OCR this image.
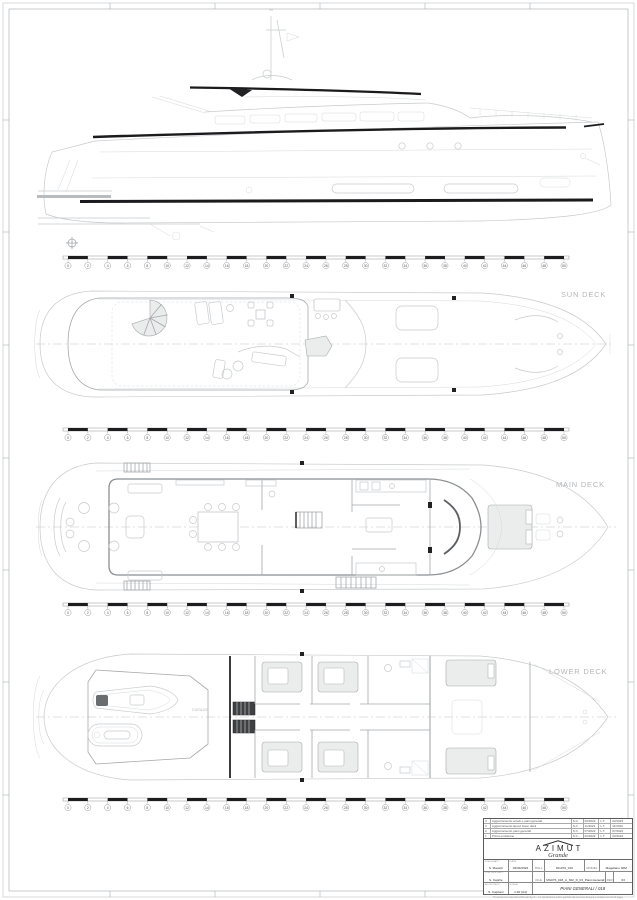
GARAGE
0	2	4	6	8	10	12	14	16	18	20	22	24	26	28	30	32	34	36	38	40	42	44	46	48	50
0	2	4	6	8	10	12	14	16	18	20	22	24	26	28	30	32	34	36	38	40	42	44	46	48	50
0	2	4	6	8	10	12	14	16	18	20	22	24	26	28	30	32	34	36	38	40	42	44	46	48	50
0	2	4	6	8	10	12	14	16	18	20	22	24	26	28	30	32	34	36	38	40	42	44	46	48	50
SUN DECK
MAIN DECK
LOWER DECK
4	Aggiornamento arredi e piani generali	S.C.	02/2023	L.T.	02/2023
3	Aggiornamento layout lower deck	S.C.	11/2022	L.T.	11/2022
2	Aggiornamento piani generali	S.C.	07/2022	L.T.	07/2022
1	Prima emissione	S.C.	02/2022	L.T.	02/2022
AZIMUT
Grande
DISEGNATO
S. Manetti
DATA
02/04/2022 HULL	MG076_016	MODEL	Magellano 30M
CONTROLLATO
S. Caprile	FILE MG076_018_A_302_D_03_Piani-Generali REV	03
APPROVATO
S. Capriani
SCALA
1:40 (A4)
PIANI GENERALI / 018
Proprietà riservata Azimut Benetti S.p.A. – La riproduzione anche parziale del presente disegno è vietata a termini di legge
